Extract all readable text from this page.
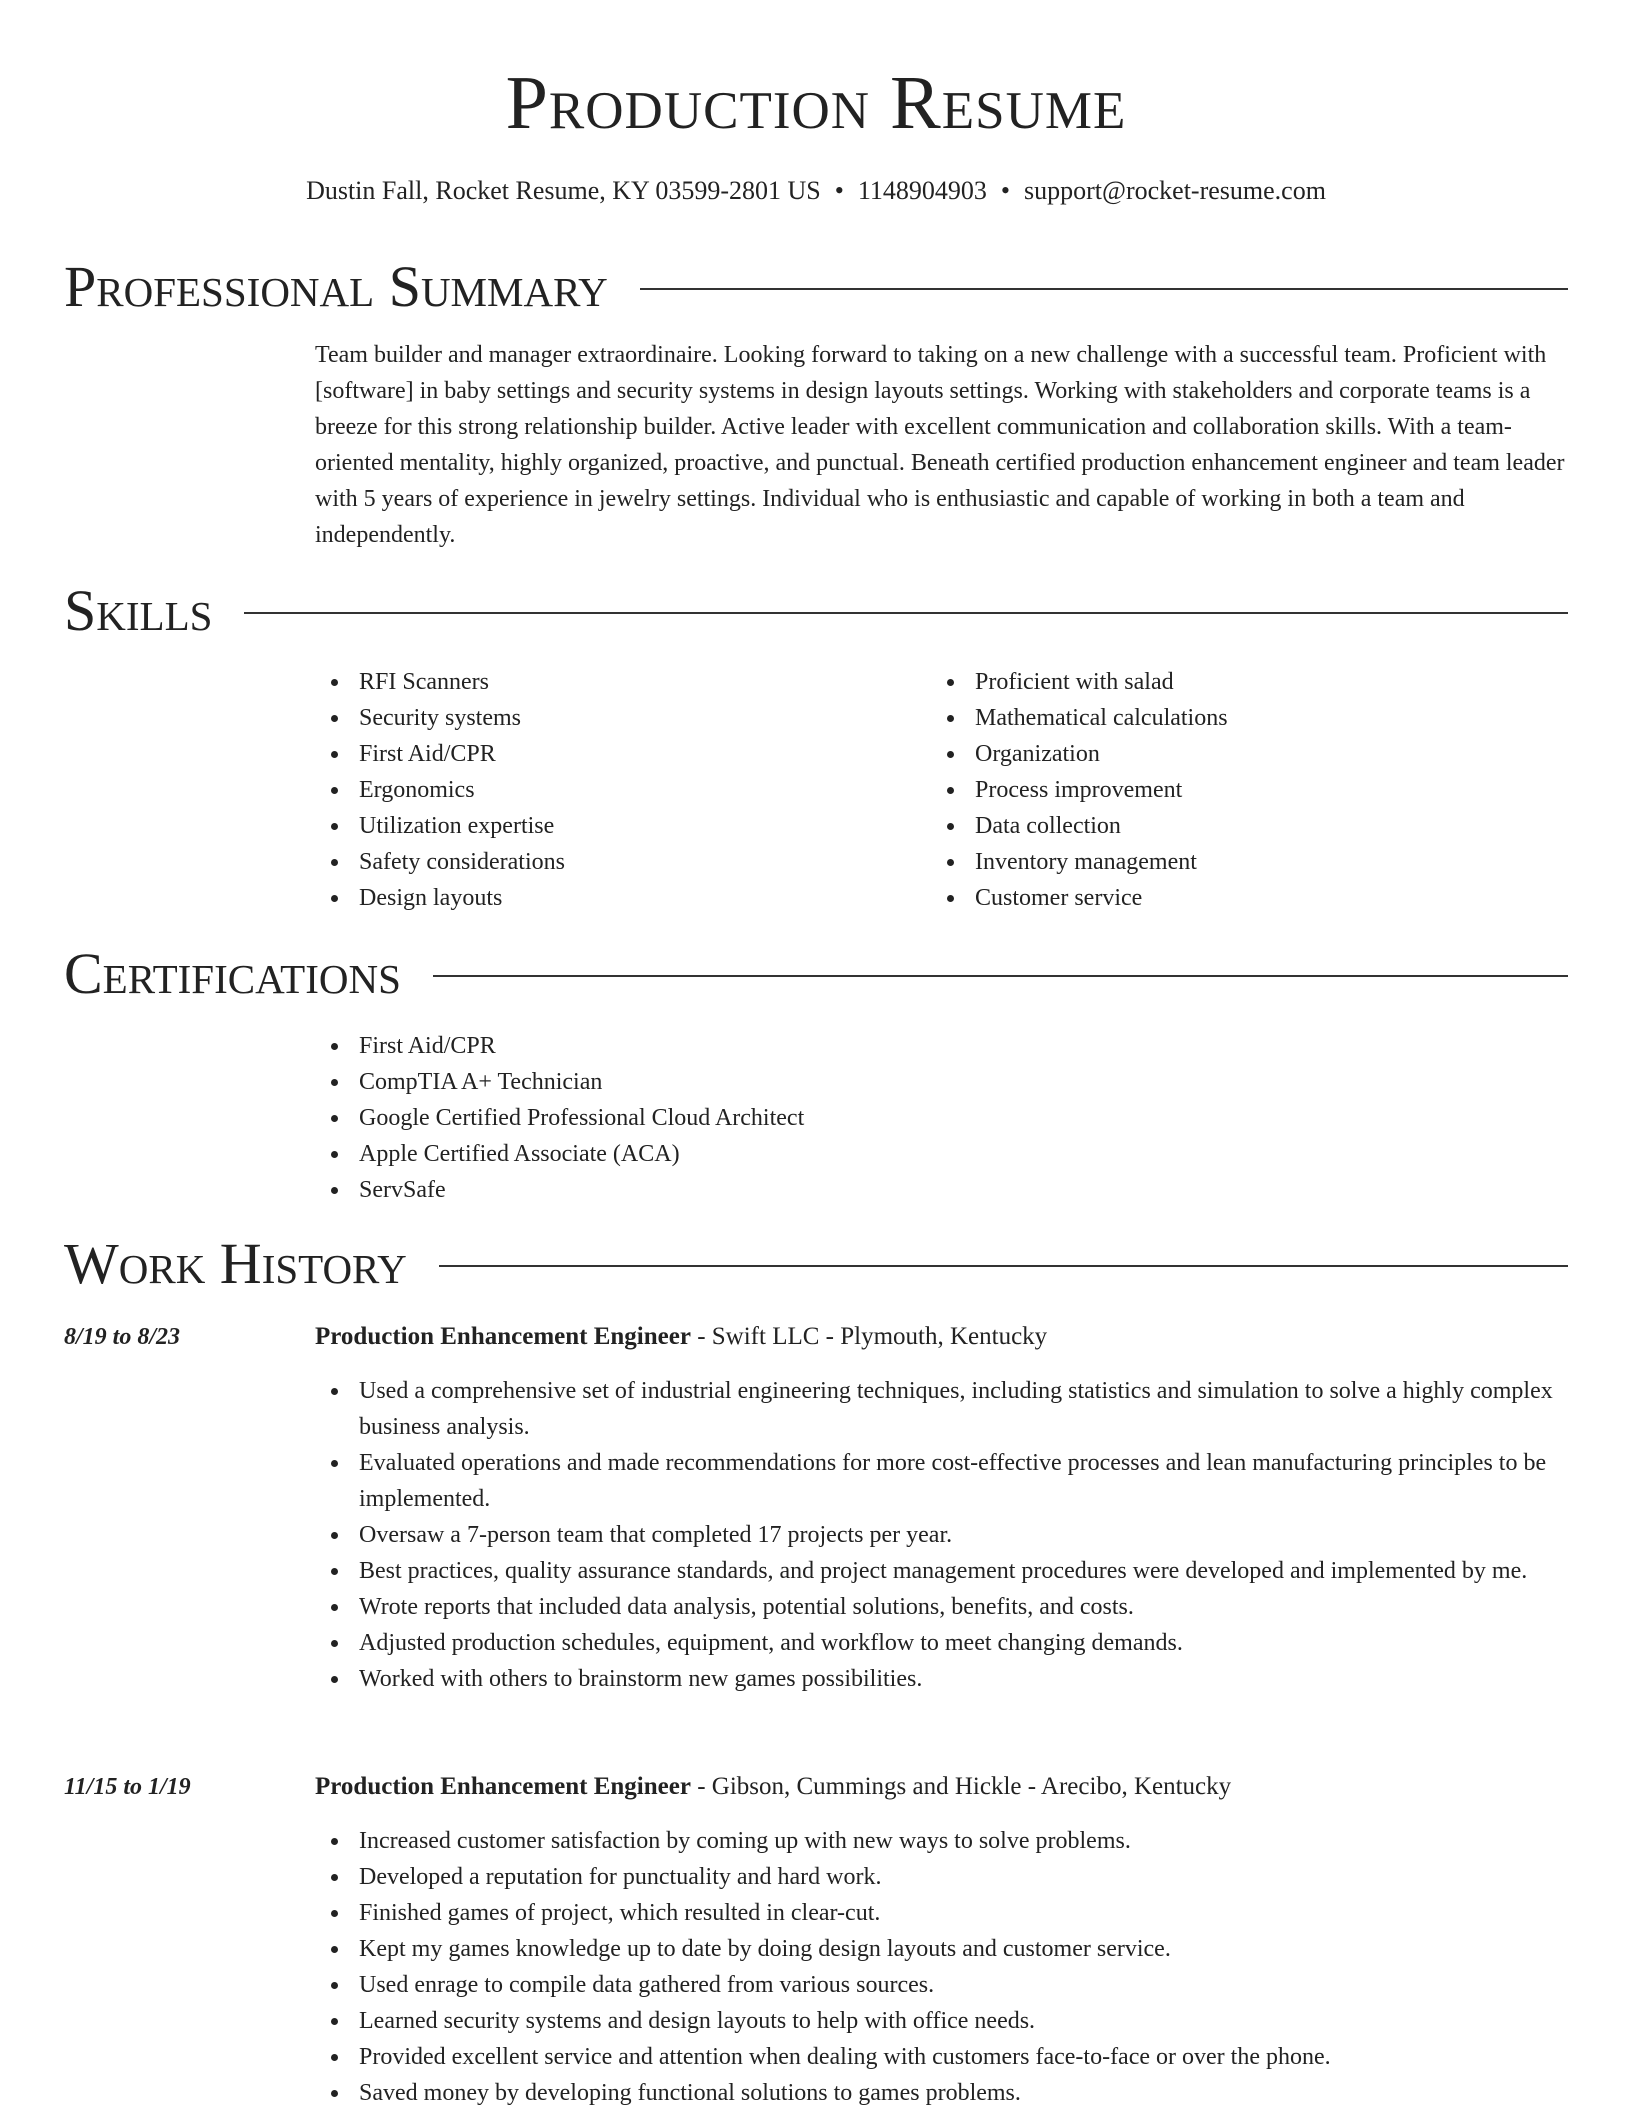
Production Resume
Dustin Fall, Rocket Resume, KY 03599-2801 US • 1148904903 • support@rocket-resume.com
Professional Summary

Team builder and manager extraordinaire. Looking forward to taking on a new challenge with a successful team. Proficient with [software] in baby settings and security systems in design layouts settings. Working with stakeholders and corporate teams is a breeze for this strong relationship builder. Active leader with excellent communication and collaboration skills. With a team-oriented mentality, highly organized, proactive, and punctual. Beneath certified production enhancement engineer and team leader with 5 years of experience in jewelry settings. Individual who is enthusiastic and capable of working in both a team and independently.

Skills
RFI Scanners
Security systems
First Aid/CPR
Ergonomics
Utilization expertise
Safety considerations
Design layouts
Proficient with salad
Mathematical calculations
Organization
Process improvement
Data collection
Inventory management
Customer service
Certifications
First Aid/CPR
CompTIA A+ Technician
Google Certified Professional Cloud Architect
Apple Certified Associate (ACA)
ServSafe
Work History
8/19 to 8/23	Production Enhancement Engineer - Swift LLC - Plymouth, Kentucky
Used a comprehensive set of industrial engineering techniques, including statistics and simulation to solve a highly complex business analysis.
Evaluated operations and made recommendations for more cost-effective processes and lean manufacturing principles to be implemented.
Oversaw a 7-person team that completed 17 projects per year.
Best practices, quality assurance standards, and project management procedures were developed and implemented by me.
Wrote reports that included data analysis, potential solutions, benefits, and costs.
Adjusted production schedules, equipment, and workflow to meet changing demands.
Worked with others to brainstorm new games possibilities.
11/15 to 1/19	Production Enhancement Engineer - Gibson, Cummings and Hickle - Arecibo, Kentucky
Increased customer satisfaction by coming up with new ways to solve problems.
Developed a reputation for punctuality and hard work.
Finished games of project, which resulted in clear-cut.
Kept my games knowledge up to date by doing design layouts and customer service.
Used enrage to compile data gathered from various sources.
Learned security systems and design layouts to help with office needs.
Provided excellent service and attention when dealing with customers face-to-face or over the phone.
Saved money by developing functional solutions to games problems.
